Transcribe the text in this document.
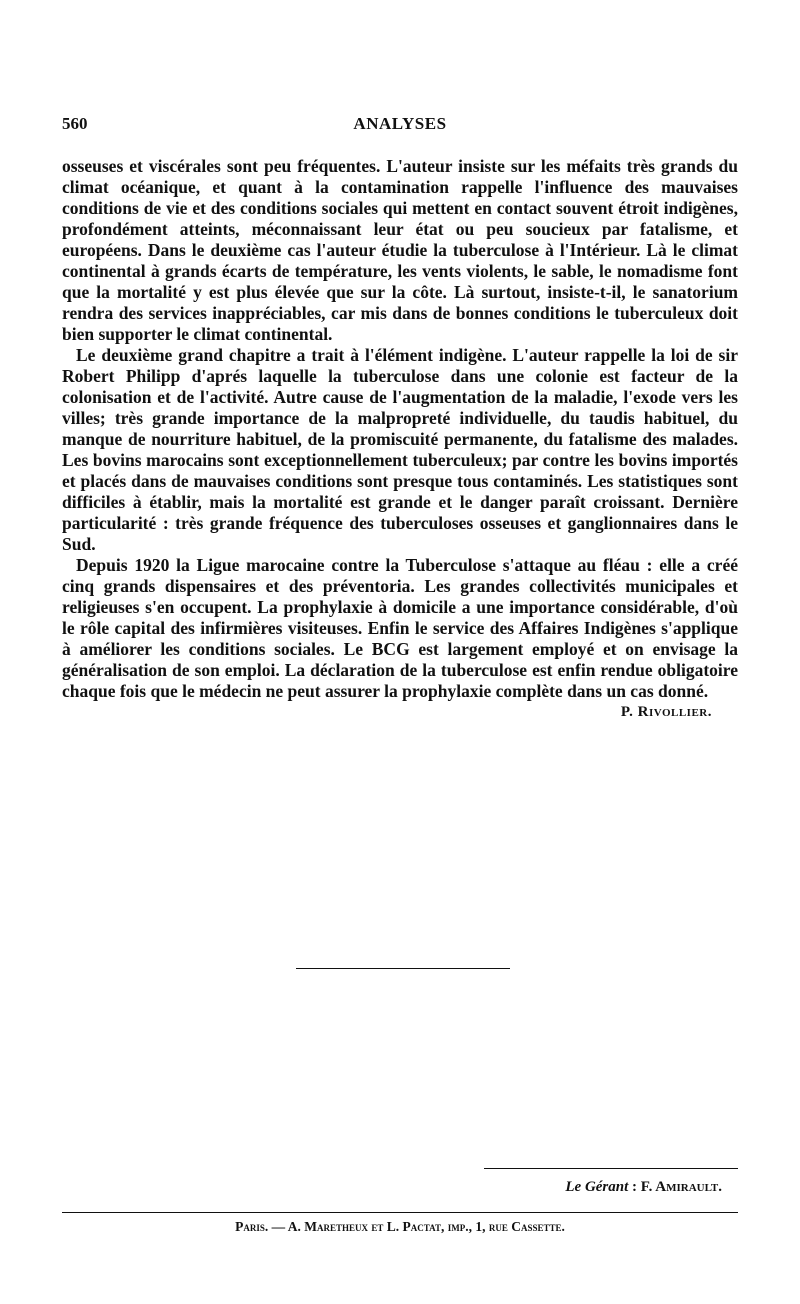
560	ANALYSES

osseuses et viscérales sont peu fréquentes. L'auteur insiste sur les méfaits très grands du climat océanique, et quant à la contamination rappelle l'influence des mauvaises conditions de vie et des conditions sociales qui mettent en contact souvent étroit indigènes, profondément atteints, méconnaissant leur état ou peu soucieux par fatalisme, et européens. Dans le deuxième cas l'auteur étudie la tuberculose à l'Intérieur. Là le climat continental à grands écarts de température, les vents violents, le sable, le nomadisme font que la mortalité y est plus élevée que sur la côte. Là surtout, insiste-t-il, le sanatorium rendra des services inappréciables, car mis dans de bonnes conditions le tuberculeux doit bien supporter le climat continental.

Le deuxième grand chapitre a trait à l'élément indigène. L'auteur rappelle la loi de sir Robert Philipp d'aprés laquelle la tuberculose dans une colonie est facteur de la colonisation et de l'activité. Autre cause de l'augmentation de la maladie, l'exode vers les villes; très grande importance de la malpropreté individuelle, du taudis habituel, du manque de nourriture habituel, de la promiscuité permanente, du fatalisme des malades. Les bovins marocains sont exceptionnellement tuberculeux; par contre les bovins importés et placés dans de mauvaises conditions sont presque tous contaminés. Les statistiques sont difficiles à établir, mais la mortalité est grande et le danger paraît croissant. Dernière particularité : très grande fréquence des tuberculoses osseuses et ganglionnaires dans le Sud.

Depuis 1920 la Ligue marocaine contre la Tuberculose s'attaque au fléau : elle a créé cinq grands dispensaires et des préventoria. Les grandes collectivités municipales et religieuses s'en occupent. La prophylaxie à domicile a une importance considérable, d'où le rôle capital des infirmières visiteuses. Enfin le service des Affaires Indigènes s'applique à améliorer les conditions sociales. Le BCG est largement employé et on envisage la généralisation de son emploi. La déclaration de la tuberculose est enfin rendue obligatoire chaque fois que le médecin ne peut assurer la prophylaxie complète dans un cas donné.

P. Rivollier.
Le Gérant : F. Amirault.
Paris. — A. Maretheux et L. Pactat, imp., 1, rue Cassette.
